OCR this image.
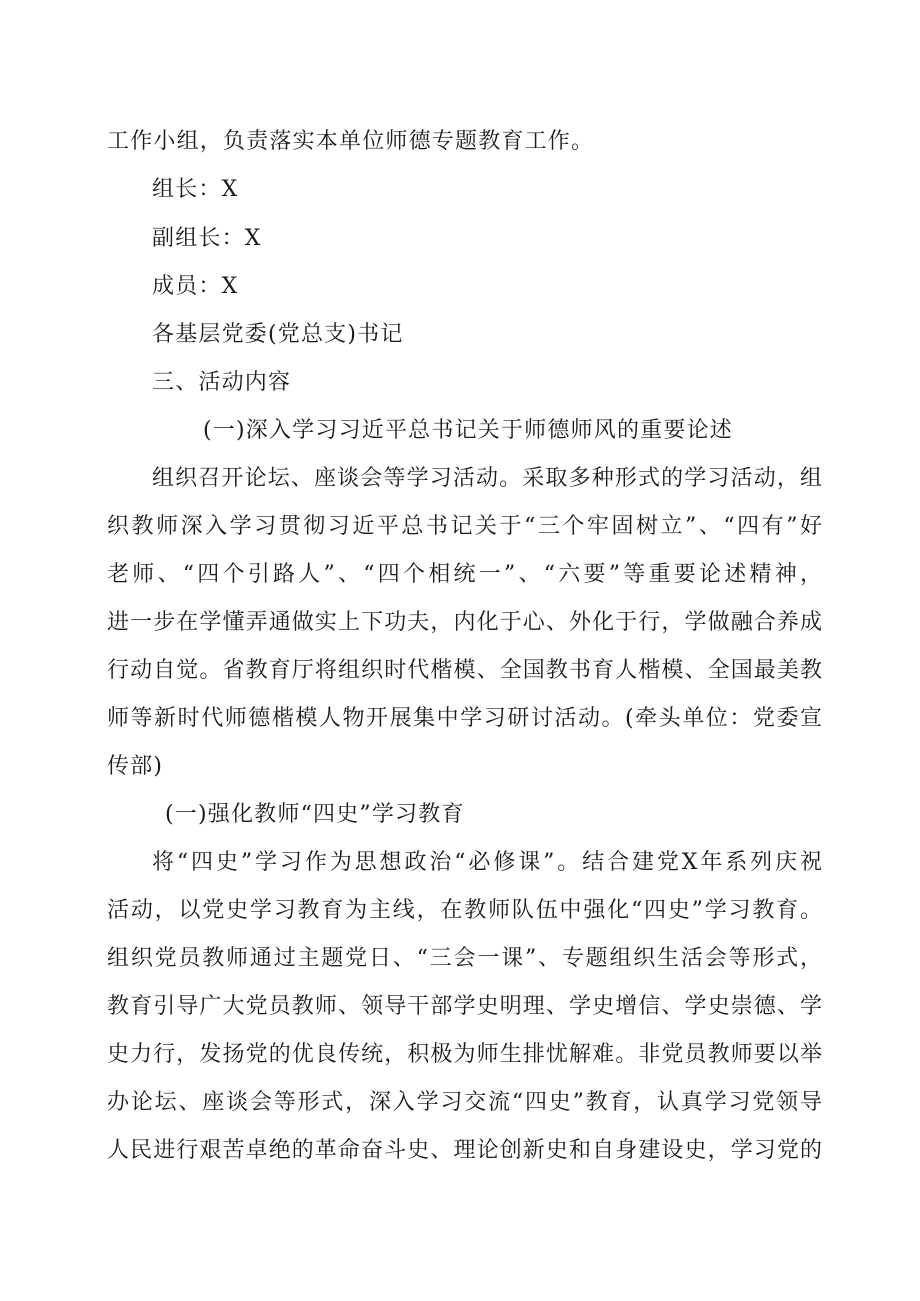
工作小组，负责落实本单位师德专题教育工作。
组长：X
副组长：X
成员：X
各基层党委(党总支)书记
三、活动内容
(一)深入学习习近平总书记关于师德师风的重要论述
组织召开论坛、座谈会等学习活动。采取多种形式的学习活动，组
织教师深入学习贯彻习近平总书记关于“三个牢固树立”、“四有”好
老师、“四个引路人”、“四个相统一”、“六要”等重要论述精神，
进一步在学懂弄通做实上下功夫，内化于心、外化于行，学做融合养成
行动自觉。省教育厅将组织时代楷模、全国教书育人楷模、全国最美教
师等新时代师德楷模人物开展集中学习研讨活动。(牵头单位：党委宣
传部)
(一)强化教师“四史”学习教育
将“四史”学习作为思想政治“必修课”。结合建党X年系列庆祝
活动，以党史学习教育为主线，在教师队伍中强化“四史”学习教育。
组织党员教师通过主题党日、“三会一课”、专题组织生活会等形式，
教育引导广大党员教师、领导干部学史明理、学史增信、学史崇德、学
史力行，发扬党的优良传统，积极为师生排忧解难。非党员教师要以举
办论坛、座谈会等形式，深入学习交流“四史”教育，认真学习党领导
人民进行艰苦卓绝的革命奋斗史、理论创新史和自身建设史，学习党的
